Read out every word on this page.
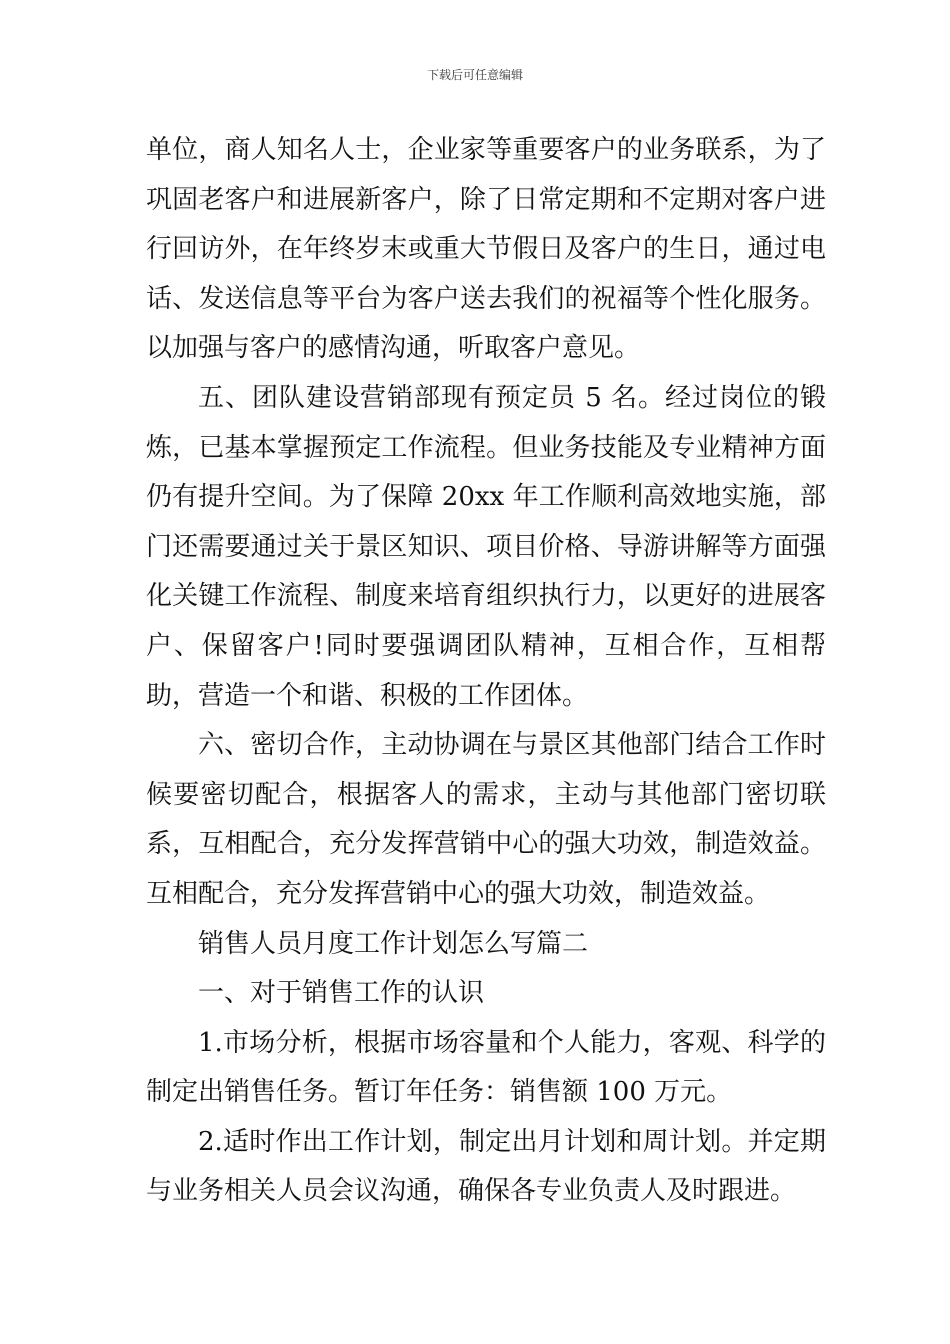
下载后可任意编辑

单位，商人知名人士，企业家等重要客户的业务联系，为了巩固老客户和进展新客户，除了日常定期和不定期对客户进行回访外，在年终岁末或重大节假日及客户的生日，通过电话、发送信息等平台为客户送去我们的祝福等个性化服务。以加强与客户的感情沟通，听取客户意见。

五、团队建设营销部现有预定员 5 名。经过岗位的锻炼，已基本掌握预定工作流程。但业务技能及专业精神方面仍有提升空间。为了保障 20xx 年工作顺利高效地实施，部门还需要通过关于景区知识、项目价格、导游讲解等方面强化关键工作流程、制度来培育组织执行力，以更好的进展客户、保留客户!同时要强调团队精神，互相合作，互相帮助，营造一个和谐、积极的工作团体。

六、密切合作，主动协调在与景区其他部门结合工作时候要密切配合，根据客人的需求，主动与其他部门密切联系，互相配合，充分发挥营销中心的强大功效，制造效益。互相配合，充分发挥营销中心的强大功效，制造效益。

销售人员月度工作计划怎么写篇二

一、对于销售工作的认识

1.市场分析，根据市场容量和个人能力，客观、科学的制定出销售任务。暂订年任务：销售额 100 万元。

2.适时作出工作计划，制定出月计划和周计划。并定期与业务相关人员会议沟通，确保各专业负责人及时跟进。
